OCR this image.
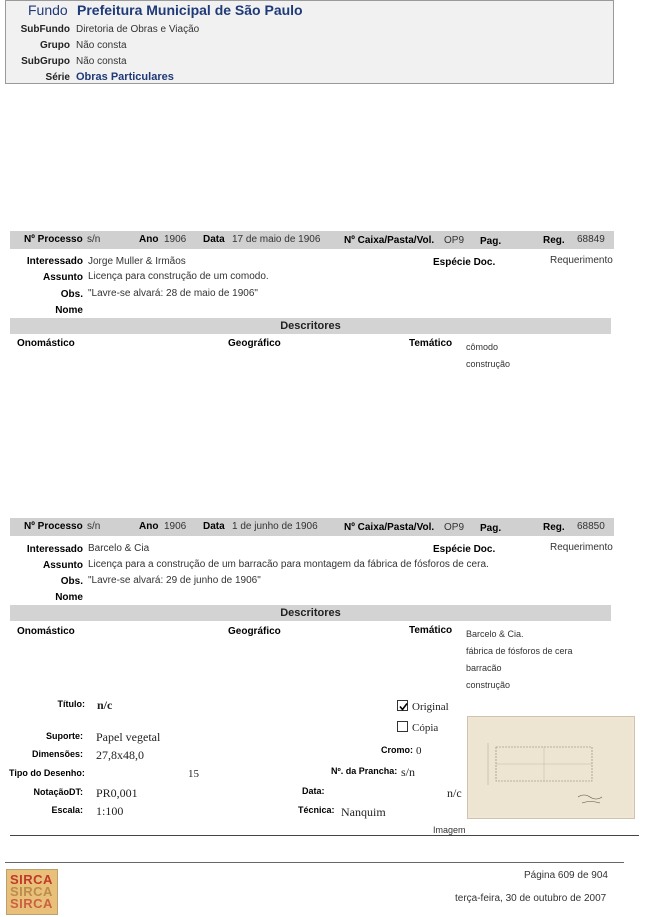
Fundo Prefeitura Municipal de São Paulo
SubFundo Diretoria de Obras e Viação
Grupo Não consta
SubGrupo Não consta
Série Obras Particulares
Nº Processo s/n	Ano 1906 Data 17 de maio de 1906 Nº Caixa/Pasta/Vol. OP9 Pag.	Reg. 68849
Interessado Jorge Muller & Irmãos	Espécie Doc.	Requerimento
Assunto Licença para construção de um comodo.
Obs. "Lavre-se alvará: 28 de maio de 1906"
Nome
Descritores
Onomástico	Geográfico	Temático cômodo
construção
Nº Processo s/n	Ano 1906 Data 1 de junho de 1906	Nº Caixa/Pasta/Vol. OP9 Pag.	Reg. 68850
Interessado Barcelo & Cia	Espécie Doc.	Requerimento
Assunto Licença para a construção de um barracão para montagem da fábrica de fósforos de cera.
Obs. "Lavre-se alvará: 29 de junho de 1906"
Nome
Descritores
Onomástico	Geográfico	Temático Barcelo & Cia.
fábrica de fósforos de cera
barracão
construção
Título: n/c
Suporte: Papel vegetal
Dimensões: 27,8x48,0
Tipo do Desenho:	15
NotaçãoDT: PR0,001
Escala: 1:100
Original
Cópia
Cromo: 0
Nº. da Prancha: s/n
Data:	n/c
Técnica: Nanquim
Imagem
SIRCA
SIRCA
SIRCA
Página 609 de 904
terça-feira, 30 de outubro de 2007
